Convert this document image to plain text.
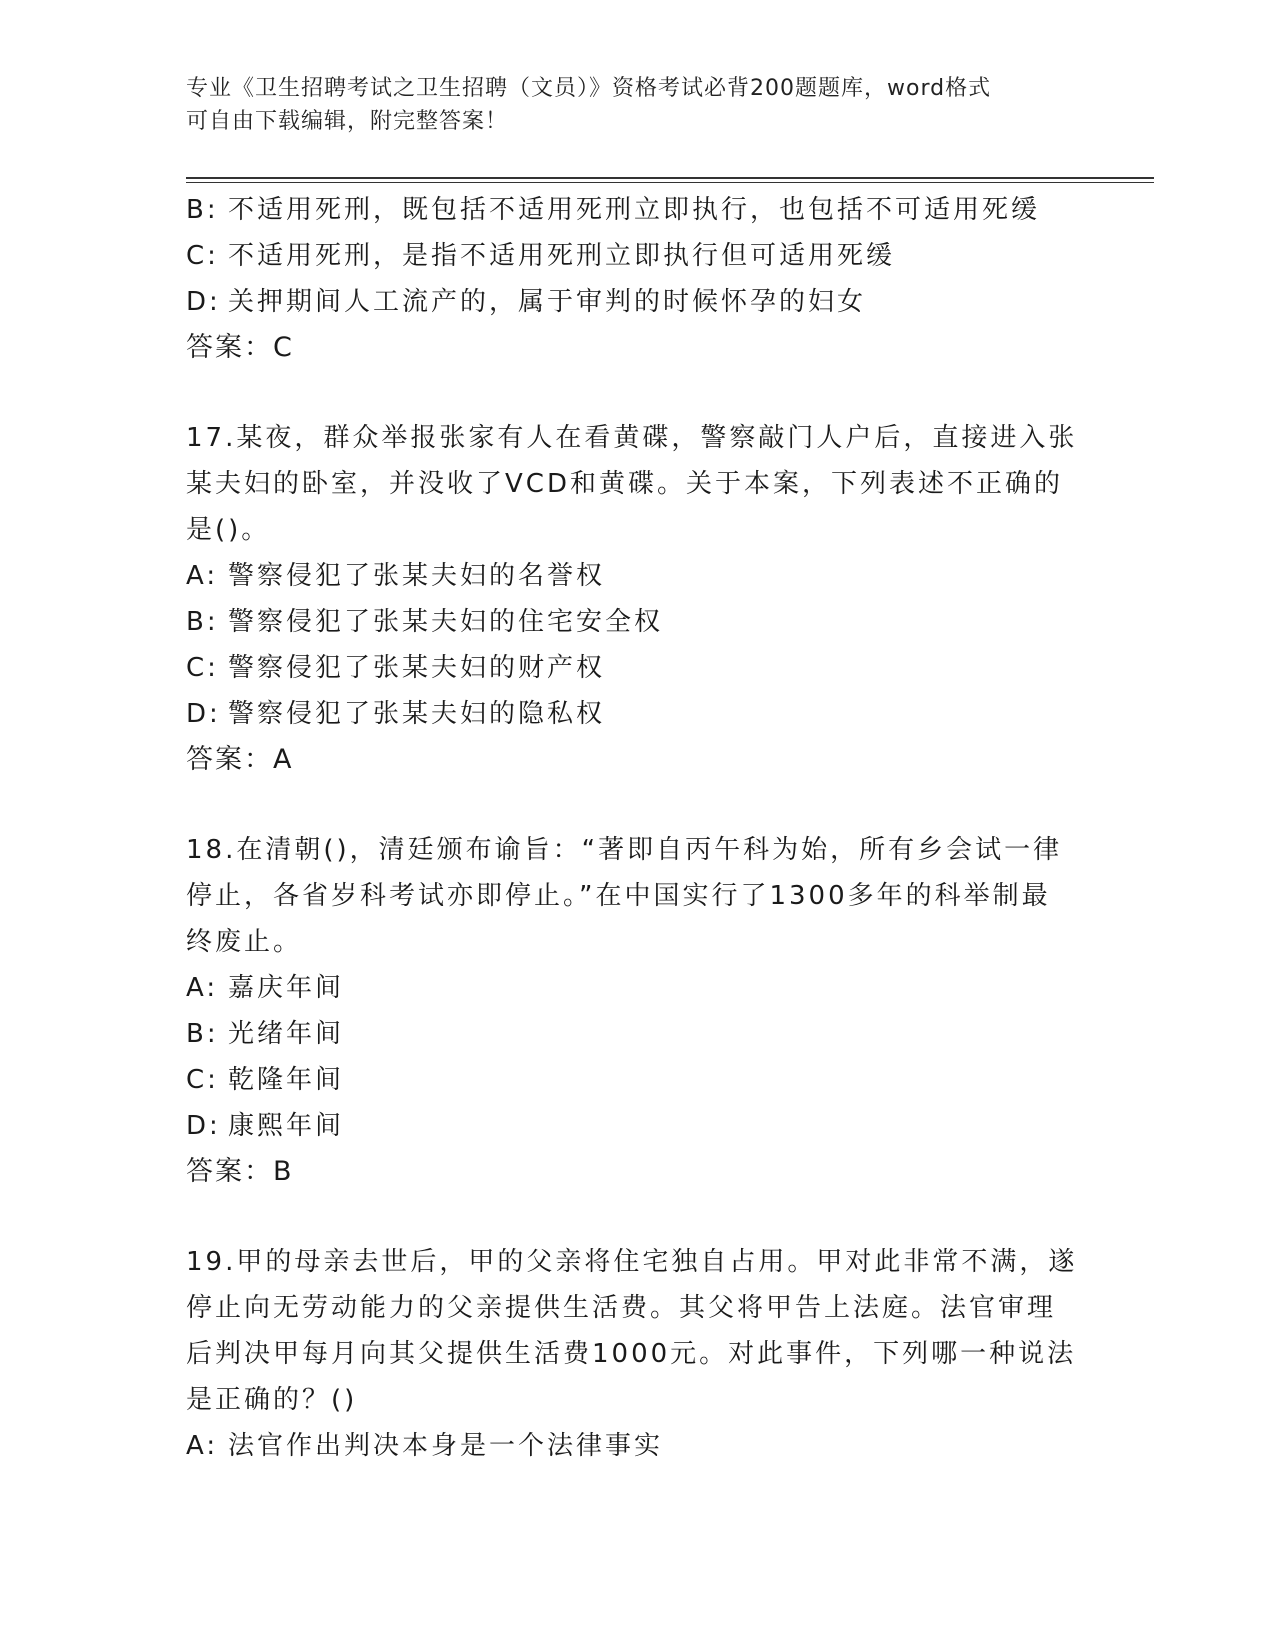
专业《卫生招聘考试之卫生招聘（文员）》资格考试必背200题题库，word格式
可自由下载编辑，附完整答案！
B: 不适用死刑，既包括不适用死刑立即执行，也包括不可适用死缓
C: 不适用死刑，是指不适用死刑立即执行但可适用死缓
D: 关押期间人工流产的，属于审判的时候怀孕的妇女
答案：C
17.某夜，群众举报张家有人在看黄碟，警察敲门人户后，直接进入张
某夫妇的卧室，并没收了VCD和黄碟。关于本案，下列表述不正确的
是()。
A: 警察侵犯了张某夫妇的名誉权
B: 警察侵犯了张某夫妇的住宅安全权
C: 警察侵犯了张某夫妇的财产权
D: 警察侵犯了张某夫妇的隐私权
答案：A
18.在清朝()，清廷颁布谕旨：“著即自丙午科为始，所有乡会试一律
停止，各省岁科考试亦即停止。”在中国实行了1300多年的科举制最
终废止。
A: 嘉庆年间
B: 光绪年间
C: 乾隆年间
D: 康熙年间
答案：B
19.甲的母亲去世后，甲的父亲将住宅独自占用。甲对此非常不满，遂
停止向无劳动能力的父亲提供生活费。其父将甲告上法庭。法官审理
后判决甲每月向其父提供生活费1000元。对此事件，下列哪一种说法
是正确的？()
A: 法官作出判决本身是一个法律事实
